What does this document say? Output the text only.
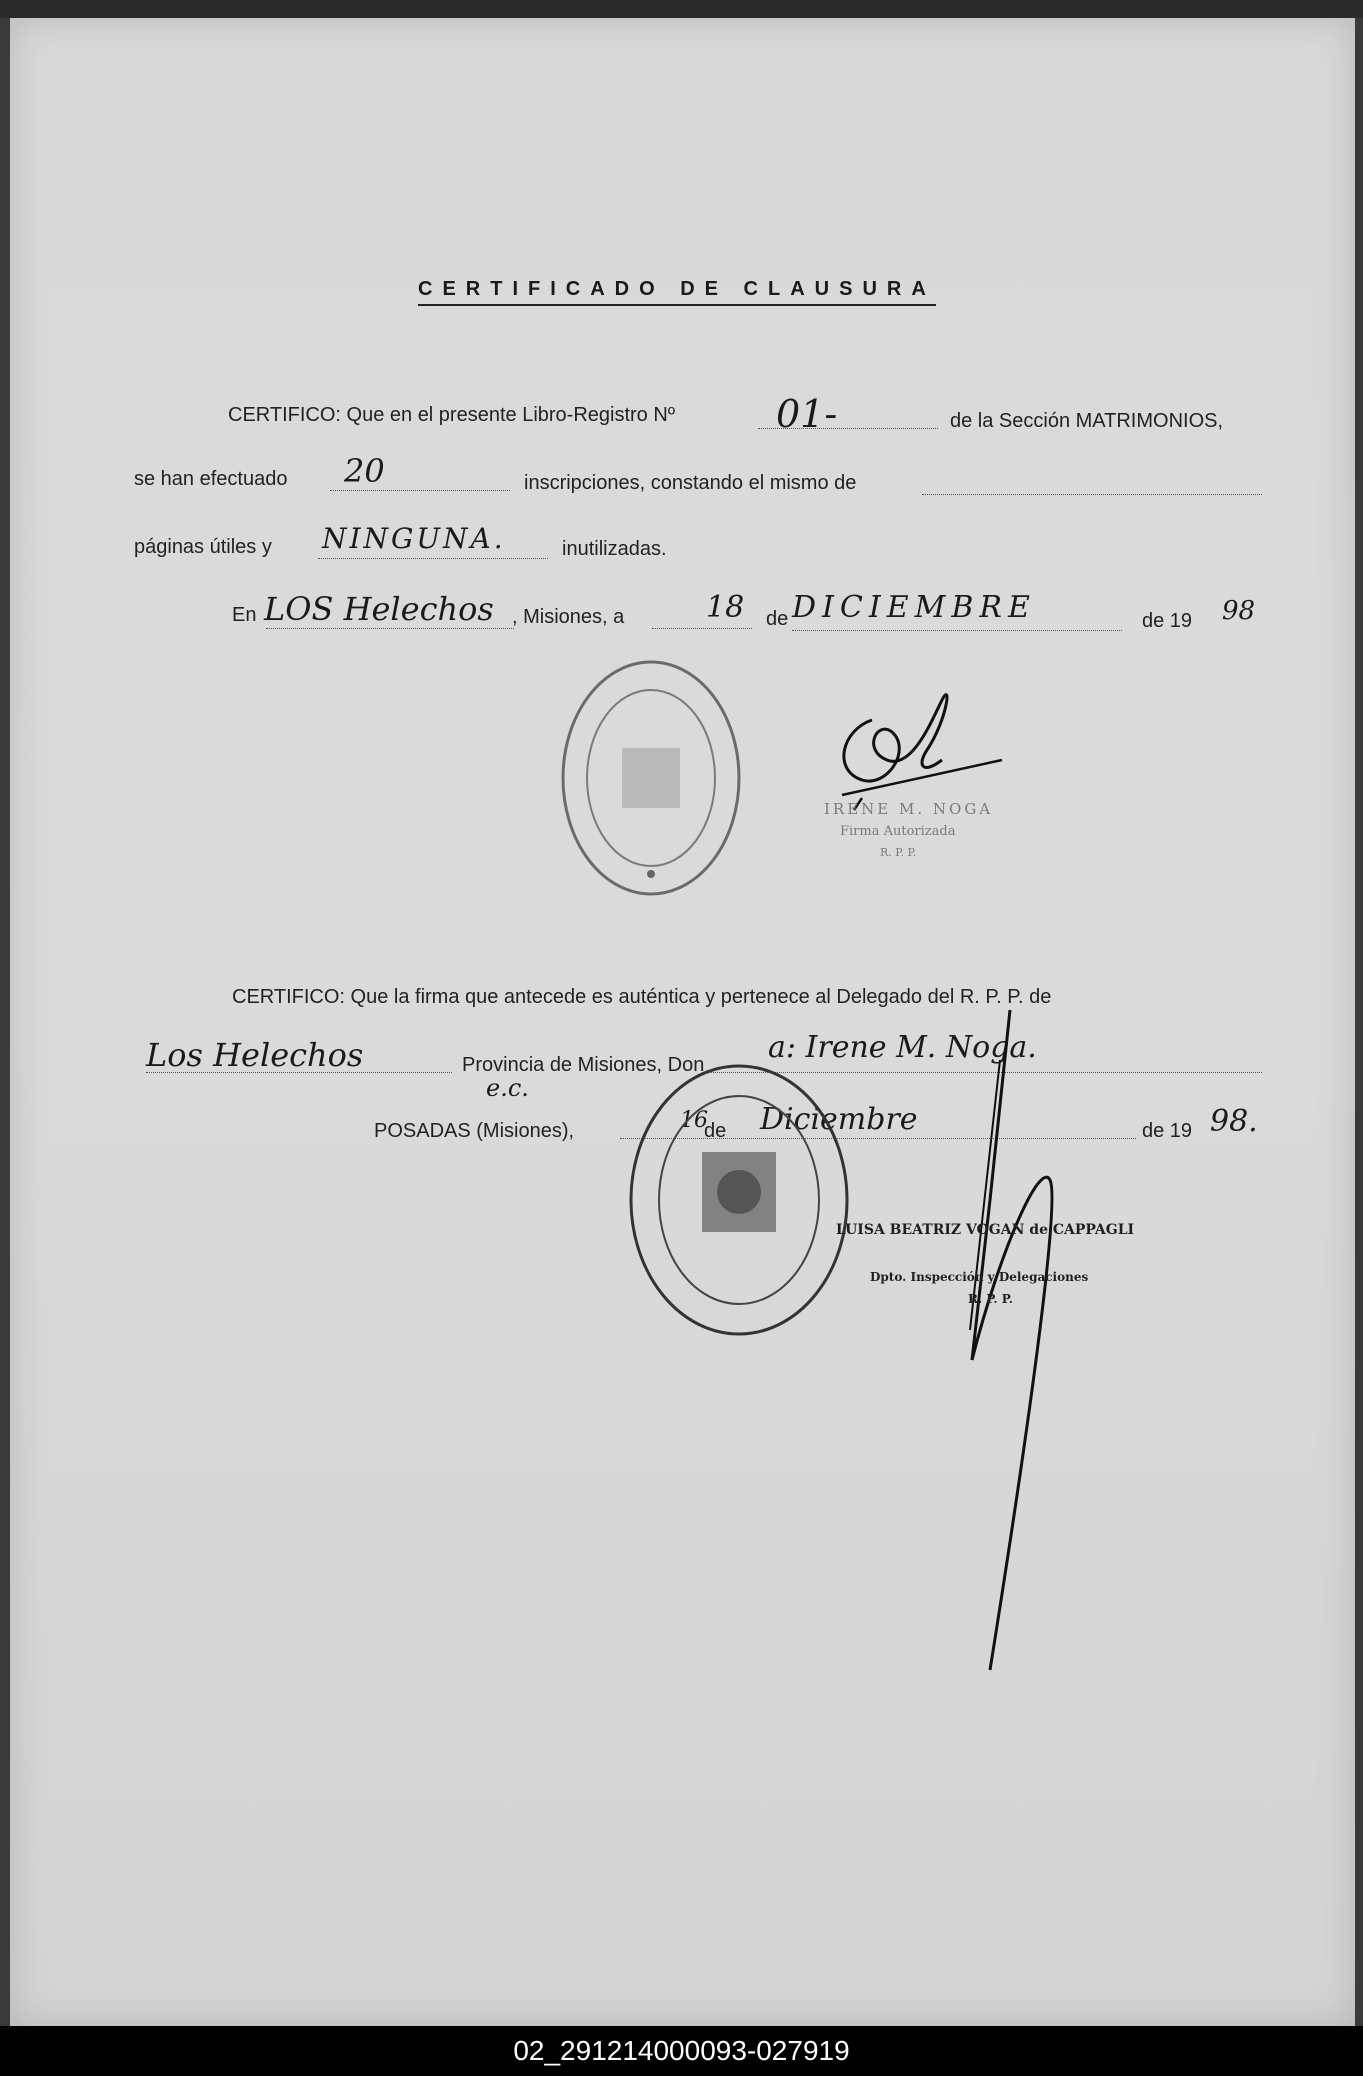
CERTIFICADO DE CLAUSURA
CERTIFICO: Que en el presente Libro-Registro Nº	01-	de la Sección MATRIMONIOS,
se han efectuado 20	inscripciones, constando el mismo de
páginas útiles y NINGUNA.	inutilizadas.
En LOS Helechos , Misiones, a	18 de DICIEMBRE	de 19 98
IRENE M. NOGA
Firma Autorizada
R. P. P.
CERTIFICO: Que la firma que antecede es auténtica y pertenece al Delegado del R. P. P. de
Los Helechos	Provincia de Misiones, Don a: Irene M. Noga.
e.c.
POSADAS (Misiones),	16
de Diciembre	de 19 98.
LUISA BEATRIZ VOGAN de CAPPAGLI
Dpto. Inspección y Delegaciones
R. P. P.
02_291214000093-027919
